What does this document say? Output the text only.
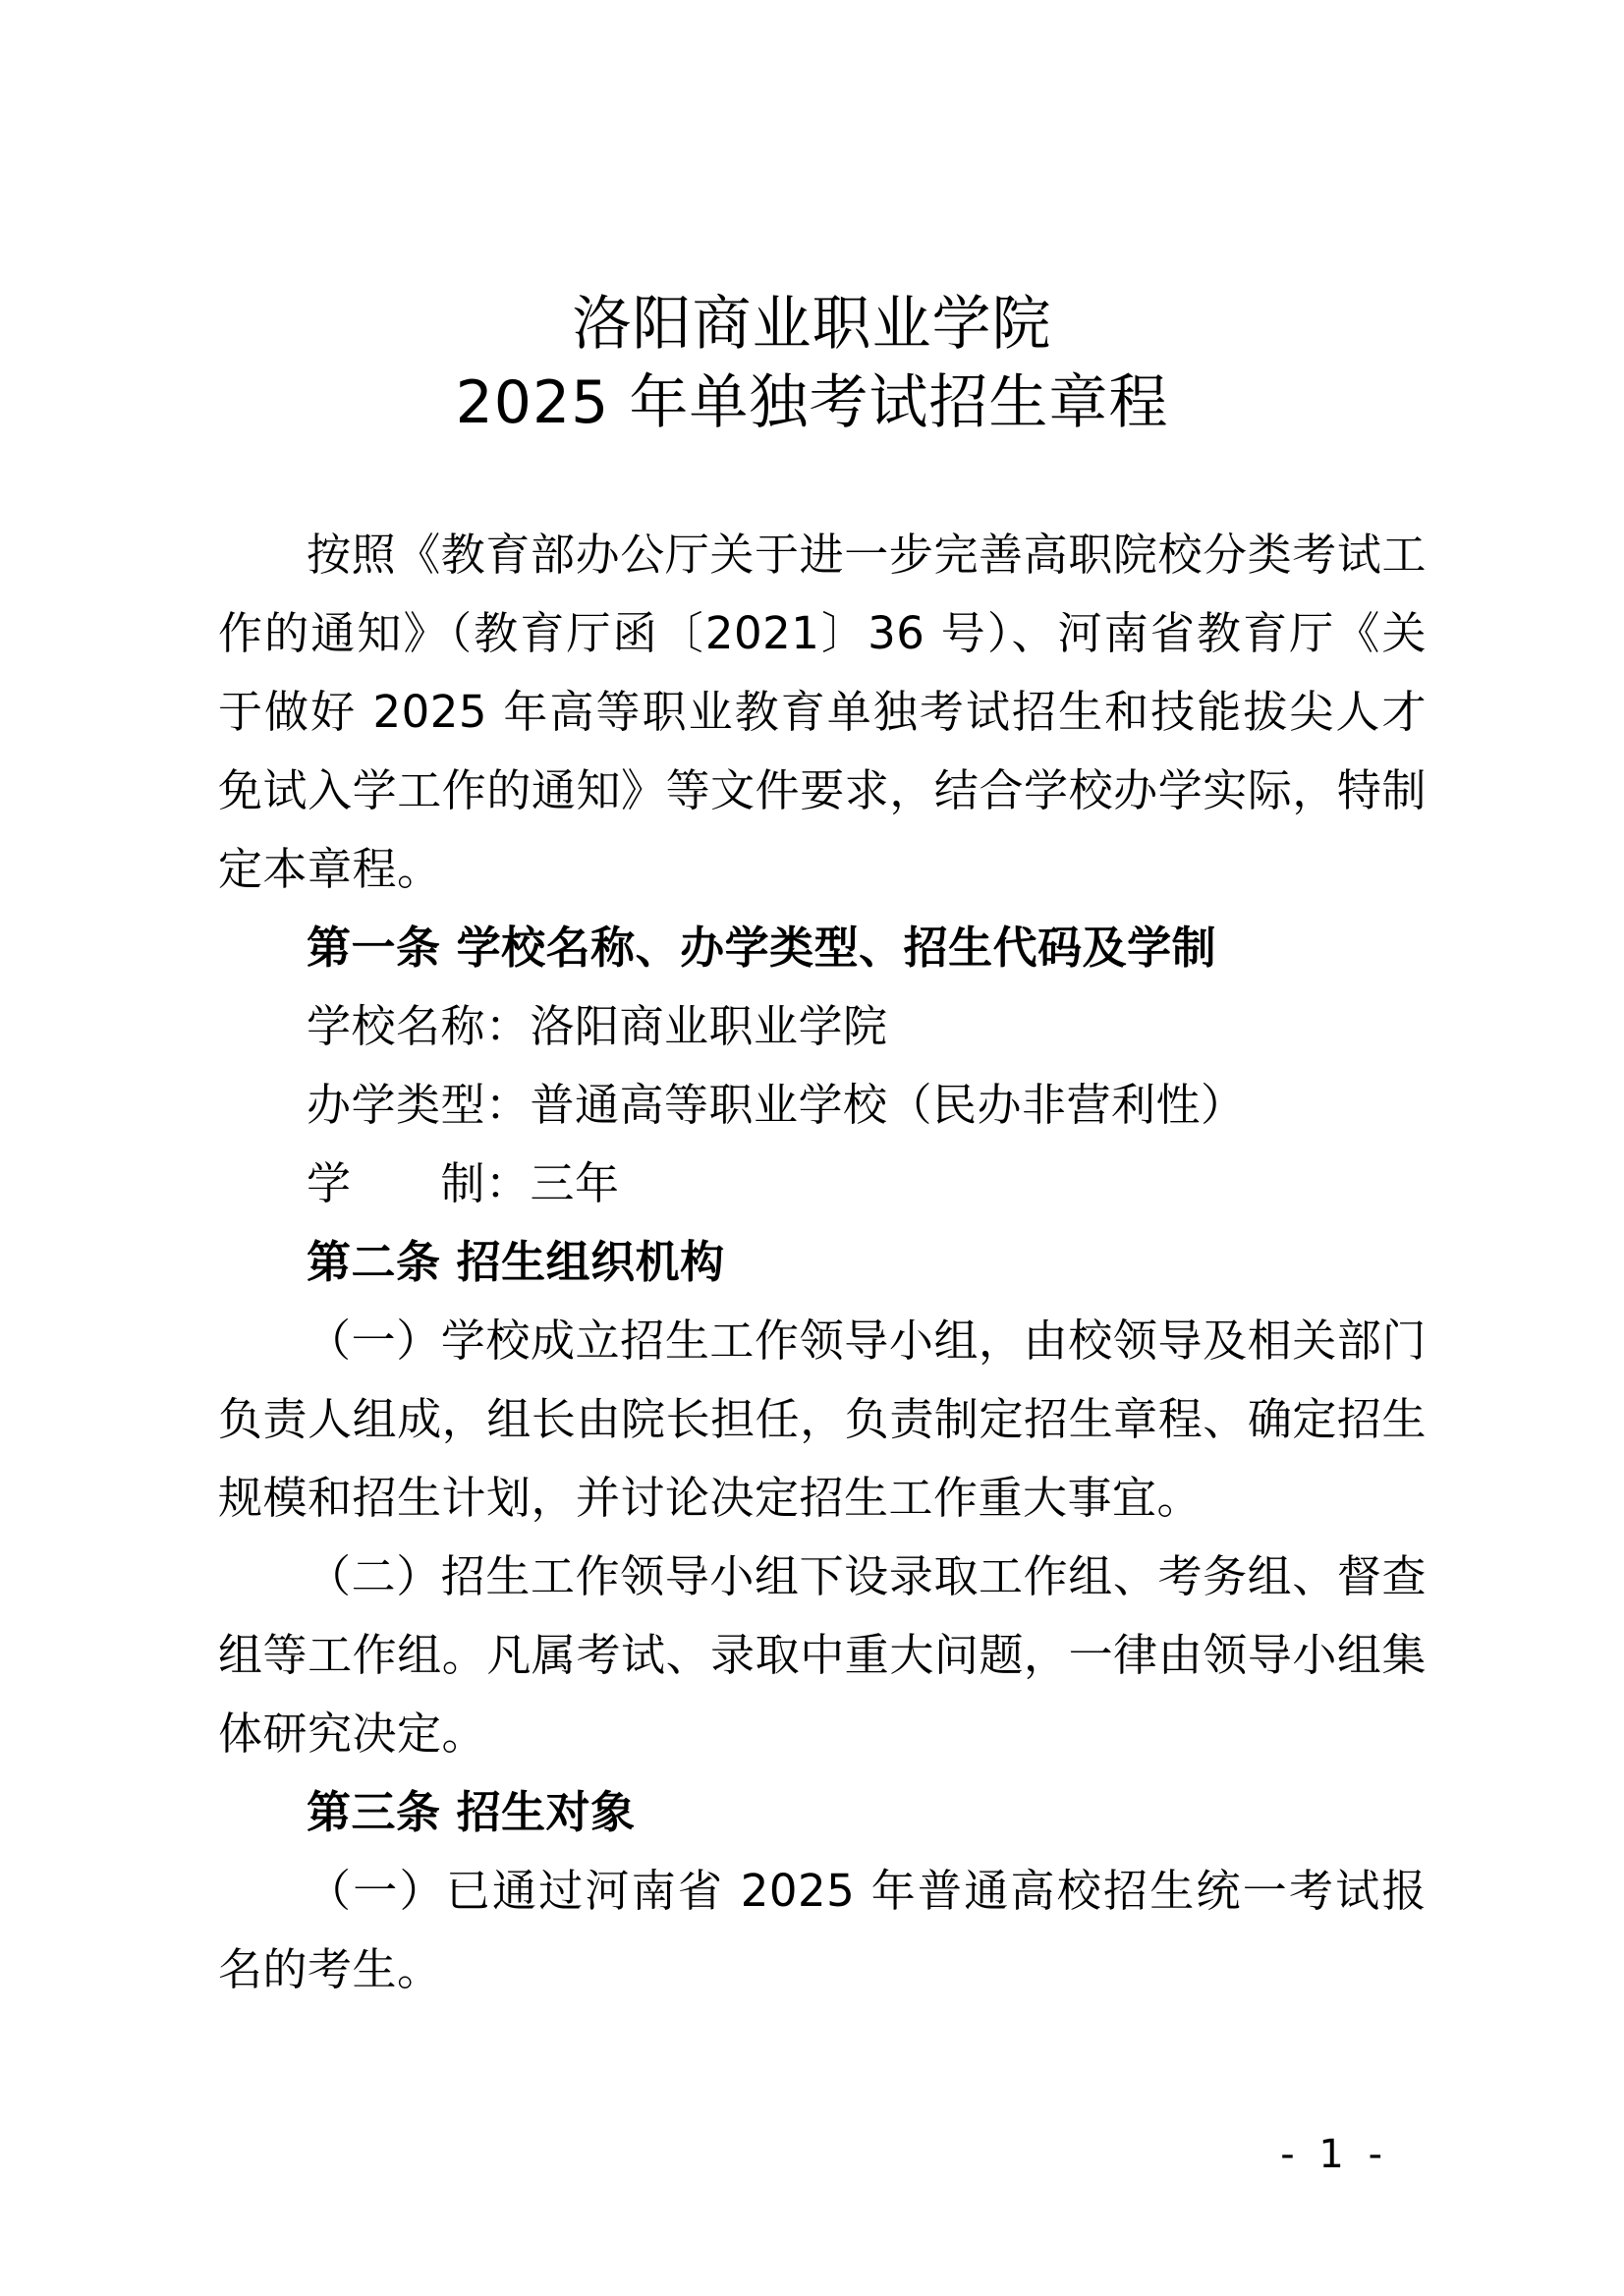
洛阳商业职业学院
2025 年单独考试招生章程

按照《教育部办公厅关于进一步完善高职院校分类考试工作的通知》（教育厅函〔2021〕36 号）、河南省教育厅《关于做好 2025 年高等职业教育单独考试招生和技能拔尖人才免试入学工作的通知》等文件要求，结合学校办学实际，特制定本章程。

第一条 学校名称、办学类型、招生代码及学制

学校名称：洛阳商业职业学院

办学类型：普通高等职业学校（民办非营利性）

学　　制：三年

第二条 招生组织机构

（一）学校成立招生工作领导小组，由校领导及相关部门负责人组成，组长由院长担任，负责制定招生章程、确定招生规模和招生计划，并讨论决定招生工作重大事宜。

（二）招生工作领导小组下设录取工作组、考务组、督查组等工作组。凡属考试、录取中重大问题，一律由领导小组集体研究决定。

第三条 招生对象

（一）已通过河南省 2025 年普通高校招生统一考试报名的考生。

- 1 -
